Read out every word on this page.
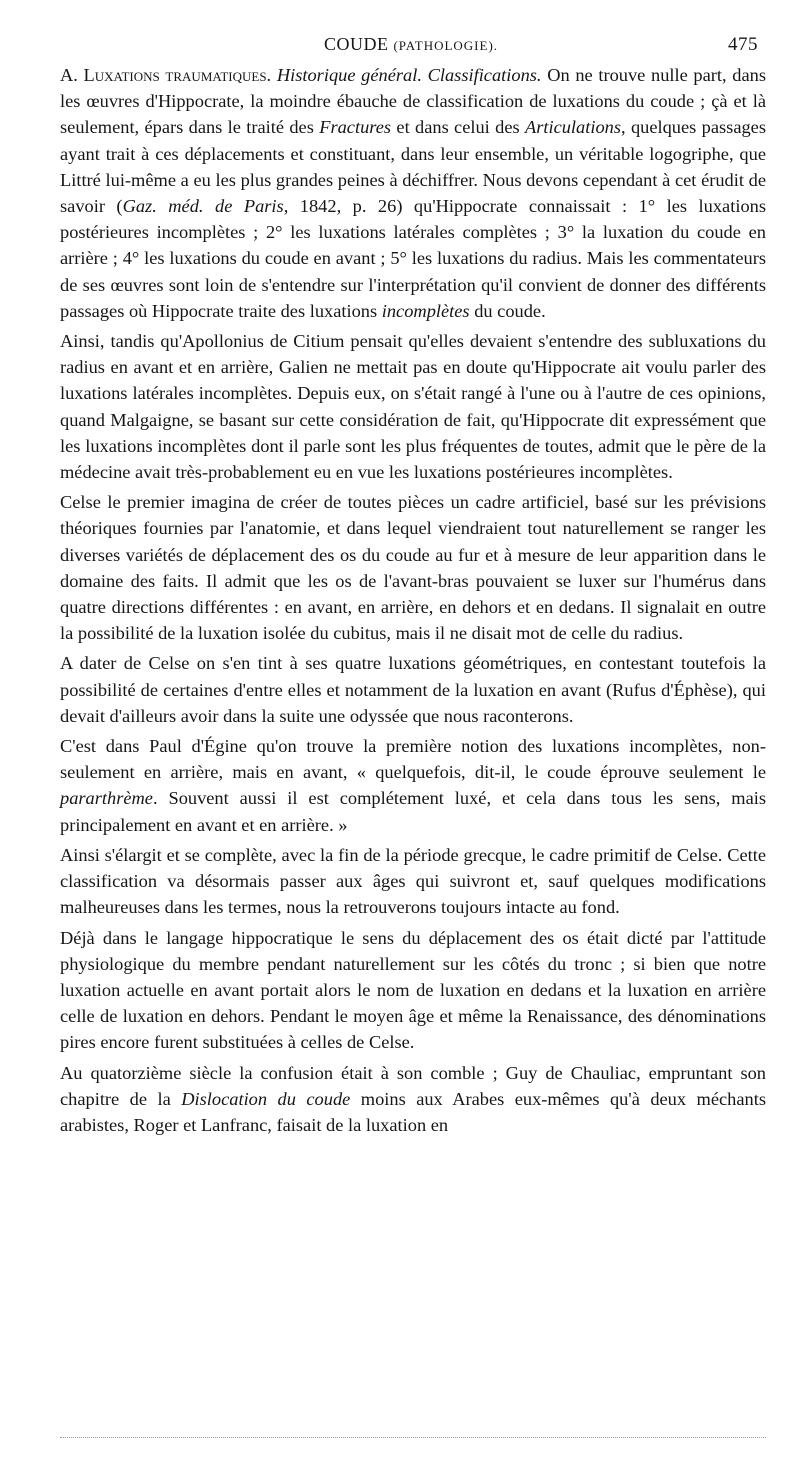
COUDE (PATHOLOGIE).	475

A. Luxations traumatiques. Historique général. Classifications. On ne trouve nulle part, dans les œuvres d'Hippocrate, la moindre ébauche de classification de luxations du coude ; çà et là seulement, épars dans le traité des Fractures et dans celui des Articulations, quelques passages ayant trait à ces déplacements et constituant, dans leur ensemble, un véritable logogriphe, que Littré lui-même a eu les plus grandes peines à déchiffrer. Nous devons cependant à cet érudit de savoir (Gaz. méd. de Paris, 1842, p. 26) qu'Hippocrate connaissait : 1° les luxations postérieures incomplètes ; 2° les luxations latérales complètes ; 3° la luxation du coude en arrière ; 4° les luxations du coude en avant ; 5° les luxations du radius. Mais les commentateurs de ses œuvres sont loin de s'entendre sur l'interprétation qu'il convient de donner des différents passages où Hippocrate traite des luxations incomplètes du coude.

Ainsi, tandis qu'Apollonius de Citium pensait qu'elles devaient s'entendre des subluxations du radius en avant et en arrière, Galien ne mettait pas en doute qu'Hippocrate ait voulu parler des luxations latérales incomplètes. Depuis eux, on s'était rangé à l'une ou à l'autre de ces opinions, quand Malgaigne, se basant sur cette considération de fait, qu'Hippocrate dit expressément que les luxations incomplètes dont il parle sont les plus fréquentes de toutes, admit que le père de la médecine avait très-probablement eu en vue les luxations postérieures incomplètes.

Celse le premier imagina de créer de toutes pièces un cadre artificiel, basé sur les prévisions théoriques fournies par l'anatomie, et dans lequel viendraient tout naturellement se ranger les diverses variétés de déplacement des os du coude au fur et à mesure de leur apparition dans le domaine des faits. Il admit que les os de l'avant-bras pouvaient se luxer sur l'humérus dans quatre directions différentes : en avant, en arrière, en dehors et en dedans. Il signalait en outre la possibilité de la luxation isolée du cubitus, mais il ne disait mot de celle du radius.

A dater de Celse on s'en tint à ses quatre luxations géométriques, en contestant toutefois la possibilité de certaines d'entre elles et notamment de la luxation en avant (Rufus d'Éphèse), qui devait d'ailleurs avoir dans la suite une odyssée que nous raconterons.

C'est dans Paul d'Égine qu'on trouve la première notion des luxations incomplètes, non-seulement en arrière, mais en avant, « quelquefois, dit-il, le coude éprouve seulement le pararthrème. Souvent aussi il est complétement luxé, et cela dans tous les sens, mais principalement en avant et en arrière. »

Ainsi s'élargit et se complète, avec la fin de la période grecque, le cadre primitif de Celse. Cette classification va désormais passer aux âges qui suivront et, sauf quelques modifications malheureuses dans les termes, nous la retrouverons toujours intacte au fond.

Déjà dans le langage hippocratique le sens du déplacement des os était dicté par l'attitude physiologique du membre pendant naturellement sur les côtés du tronc ; si bien que notre luxation actuelle en avant portait alors le nom de luxation en dedans et la luxation en arrière celle de luxation en dehors. Pendant le moyen âge et même la Renaissance, des dénominations pires encore furent substituées à celles de Celse.

Au quatorzième siècle la confusion était à son comble ; Guy de Chauliac, empruntant son chapitre de la Dislocation du coude moins aux Arabes eux-mêmes qu'à deux méchants arabistes, Roger et Lanfranc, faisait de la luxation en
